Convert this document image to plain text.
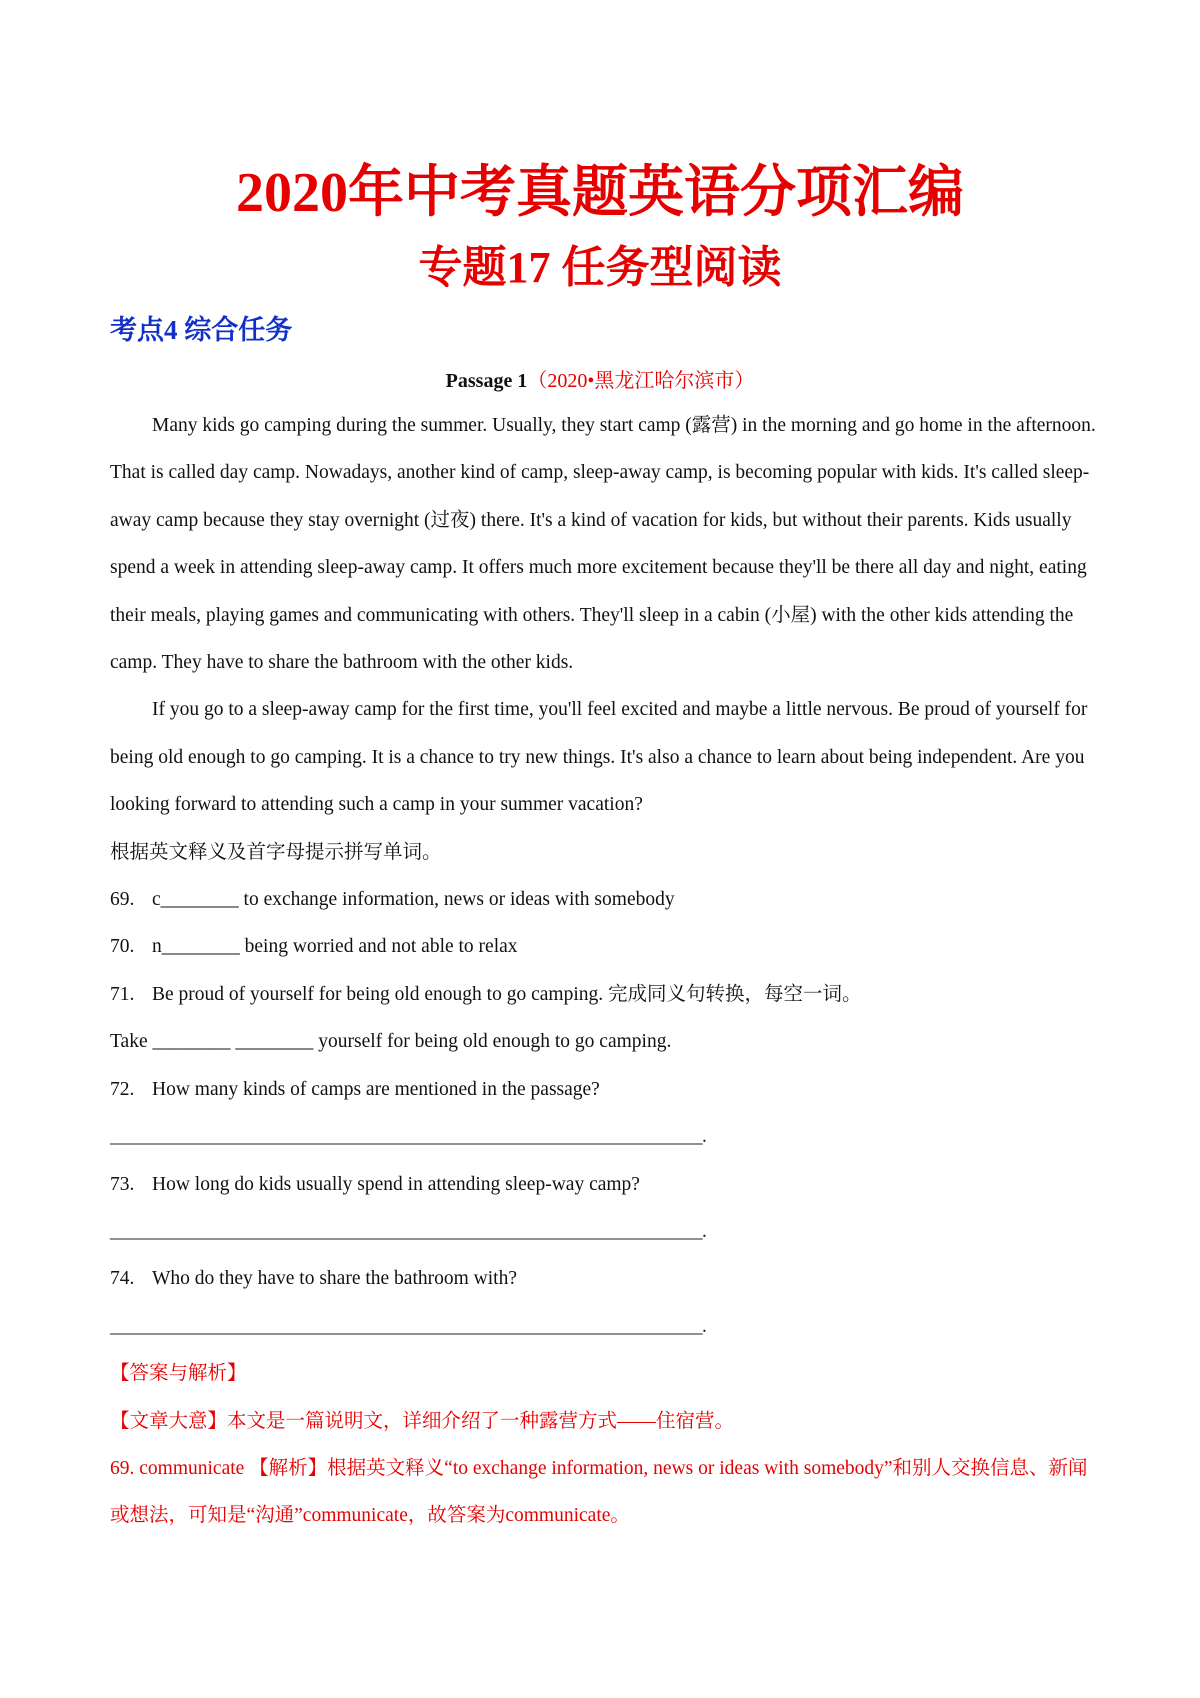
2020年中考真题英语分项汇编
专题17 任务型阅读
考点4 综合任务
Passage 1（2020•黑龙江哈尔滨市）

Many kids go camping during the summer. Usually, they start camp (露营) in the morning and go home in the afternoon. That is called day camp. Nowadays, another kind of camp, sleep-away camp, is becoming popular with kids. It's called sleep-away camp because they stay overnight (过夜) there. It's a kind of vacation for kids, but without their parents. Kids usually spend a week in attending sleep-away camp. It offers much more excitement because they'll be there all day and night, eating their meals, playing games and communicating with others. They'll sleep in a cabin (小屋) with the other kids attending the camp. They have to share the bathroom with the other kids.

If you go to a sleep-away camp for the first time, you'll feel excited and maybe a little nervous. Be proud of yourself for being old enough to go camping. It is a chance to try new things. It's also a chance to learn about being independent. Are you looking forward to attending such a camp in your summer vacation?

根据英文释义及首字母提示拼写单词。

69. c________ to exchange information, news or ideas with somebody

70. n________ being worried and not able to relax

71. Be proud of yourself for being old enough to go camping. 完成同义句转换，每空一词。

Take ________ ________ yourself for being old enough to go camping.

72. How many kinds of camps are mentioned in the passage?

________________________________________________________________.

73. How long do kids usually spend in attending sleep-way camp?

________________________________________________________________.

74. Who do they have to share the bathroom with?

________________________________________________________________.

【答案与解析】

【文章大意】本文是一篇说明文，详细介绍了一种露营方式——住宿营。

69. communicate 【解析】根据英文释义“to exchange information, news or ideas with somebody”和别人交换信息、新闻或想法，可知是“沟通”communicate，故答案为communicate。
